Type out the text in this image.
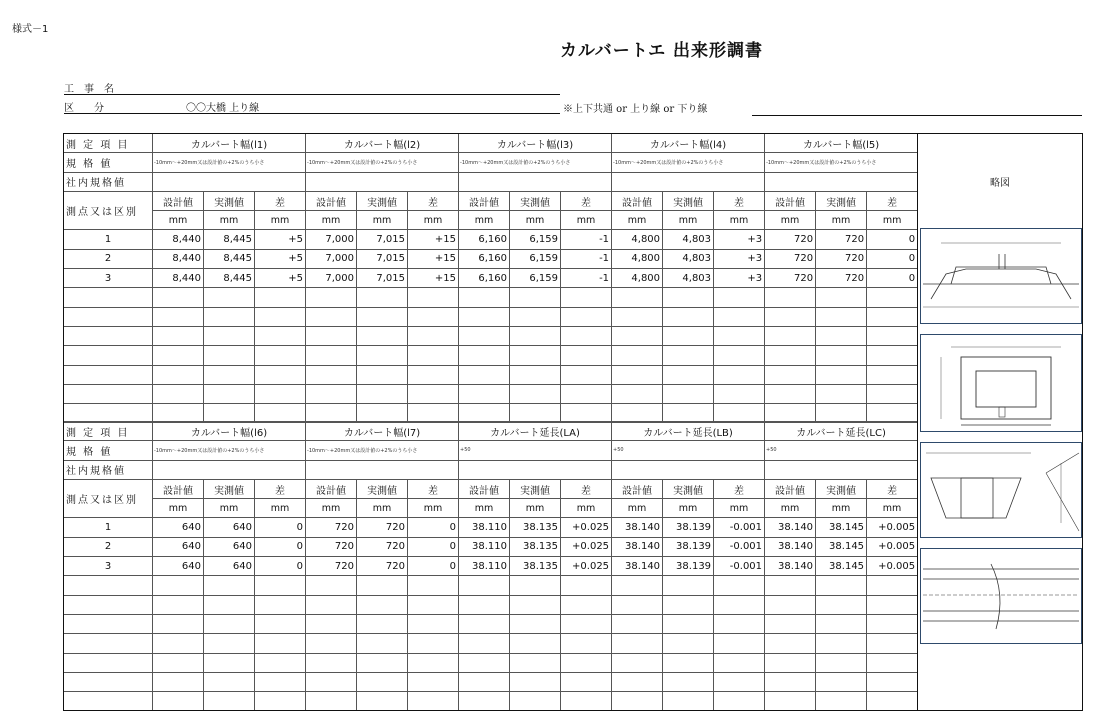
様式－1
カルバートエ 出来形調書
工　事　名
区　　分	〇〇大橋 上り線	※上下共通 or 上り線 or 下り線
測 定 項 目	カルバート幅(l1)			カルバート幅(l2)			カルバート幅(l3)			カルバート幅(l4)			カルバート幅(l5)		
規 格 値	-10mm～+20mm又は設計値の+2%のうち小さ			-10mm～+20mm又は設計値の+2%のうち小さ			-10mm～+20mm又は設計値の+2%のうち小さ			-10mm～+20mm又は設計値の+2%のうち小さ			-10mm～+20mm又は設計値の+2%のうち小さ		
社内規格値															
測点又は区別	設計値	実測値	差	設計値	実測値	差	設計値	実測値	差	設計値	実測値	差	設計値	実測値	差
	mm	mm	mm	mm	mm	mm	mm	mm	mm	mm	mm	mm	mm	mm	mm
1	8,440	8,445	+5	7,000	7,015	+15	6,160	6,159	-1	4,800	4,803	+3	720	720	0
2	8,440	8,445	+5	7,000	7,015	+15	6,160	6,159	-1	4,800	4,803	+3	720	720	0
3	8,440	8,445	+5	7,000	7,015	+15	6,160	6,159	-1	4,800	4,803	+3	720	720	0

測 定 項 目	カルバート幅(l6)			カルバート幅(l7)			カルバート延長(LA)			カルバート延長(LB)			カルバート延長(LC)		
規 格 値	-10mm～+20mm又は設計値の+2%のうち小さ			-10mm～+20mm又は設計値の+2%のうち小さ			+50			+50			+50		
社内規格値															
測点又は区別	設計値	実測値	差	設計値	実測値	差	設計値	実測値	差	設計値	実測値	差	設計値	実測値	差
	mm	mm	mm	mm	mm	mm	mm	mm	mm	mm	mm	mm	mm	mm	mm
1	640	640	0	720	720	0	38.110	38.135	+0.025	38.140	38.139	-0.001	38.140	38.145	+0.005
2	640	640	0	720	720	0	38.110	38.135	+0.025	38.140	38.139	-0.001	38.140	38.145	+0.005
3	640	640	0	720	720	0	38.110	38.135	+0.025	38.140	38.139	-0.001	38.140	38.145	+0.005

略図
